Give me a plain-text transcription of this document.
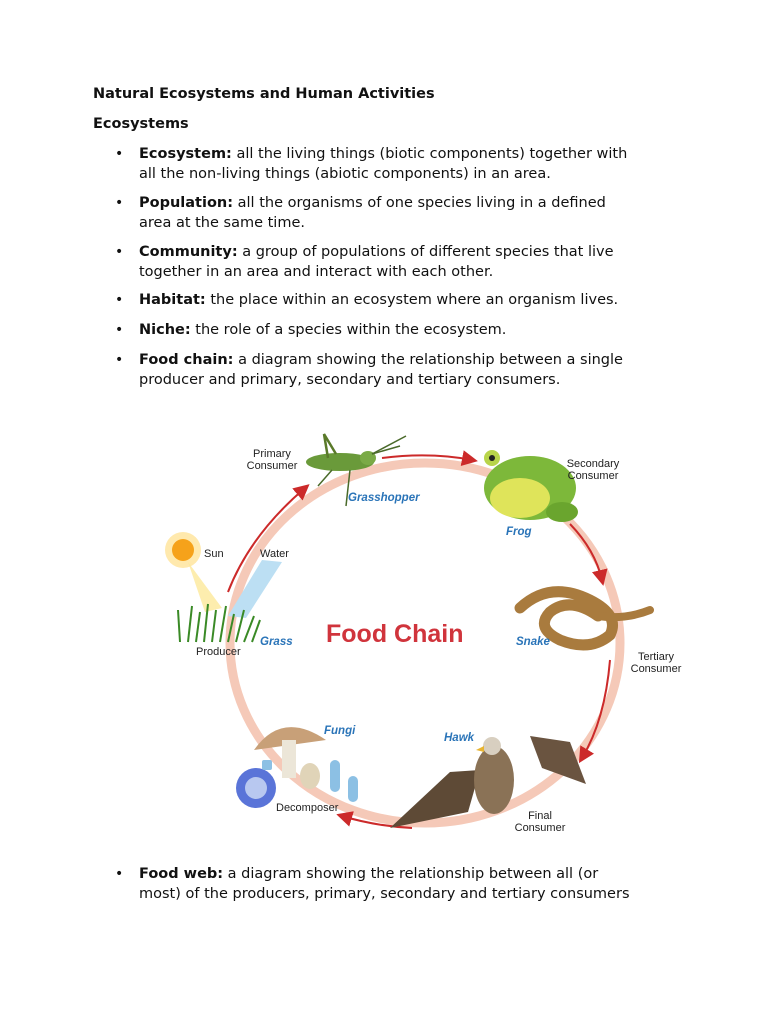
Natural Ecosystems and Human Activities
Ecosystems
• Ecosystem: all the living things (biotic components) together with
all the non-living things (abiotic components) in an area.
• Population: all the organisms of one species living in a defined
area at the same time.
• Community: a group of populations of different species that live
together in an area and interact with each other.
• Habitat: the place within an ecosystem where an organism lives.
• Niche: the role of a species within the ecosystem.
• Food chain: a diagram showing the relationship between a single
producer and primary, secondary and tertiary consumers.
• Food web: a diagram showing the relationship between all (or
most) of the producers, primary, secondary and tertiary consumers
Food Chain
Primary
Consumer	Secondary
Consumer
Tertiary
Consumer
Final
Consumer
Sun	Water
Producer
Decomposer
Grasshopper
Frog
Grass	Snake
Hawk
Fungi
